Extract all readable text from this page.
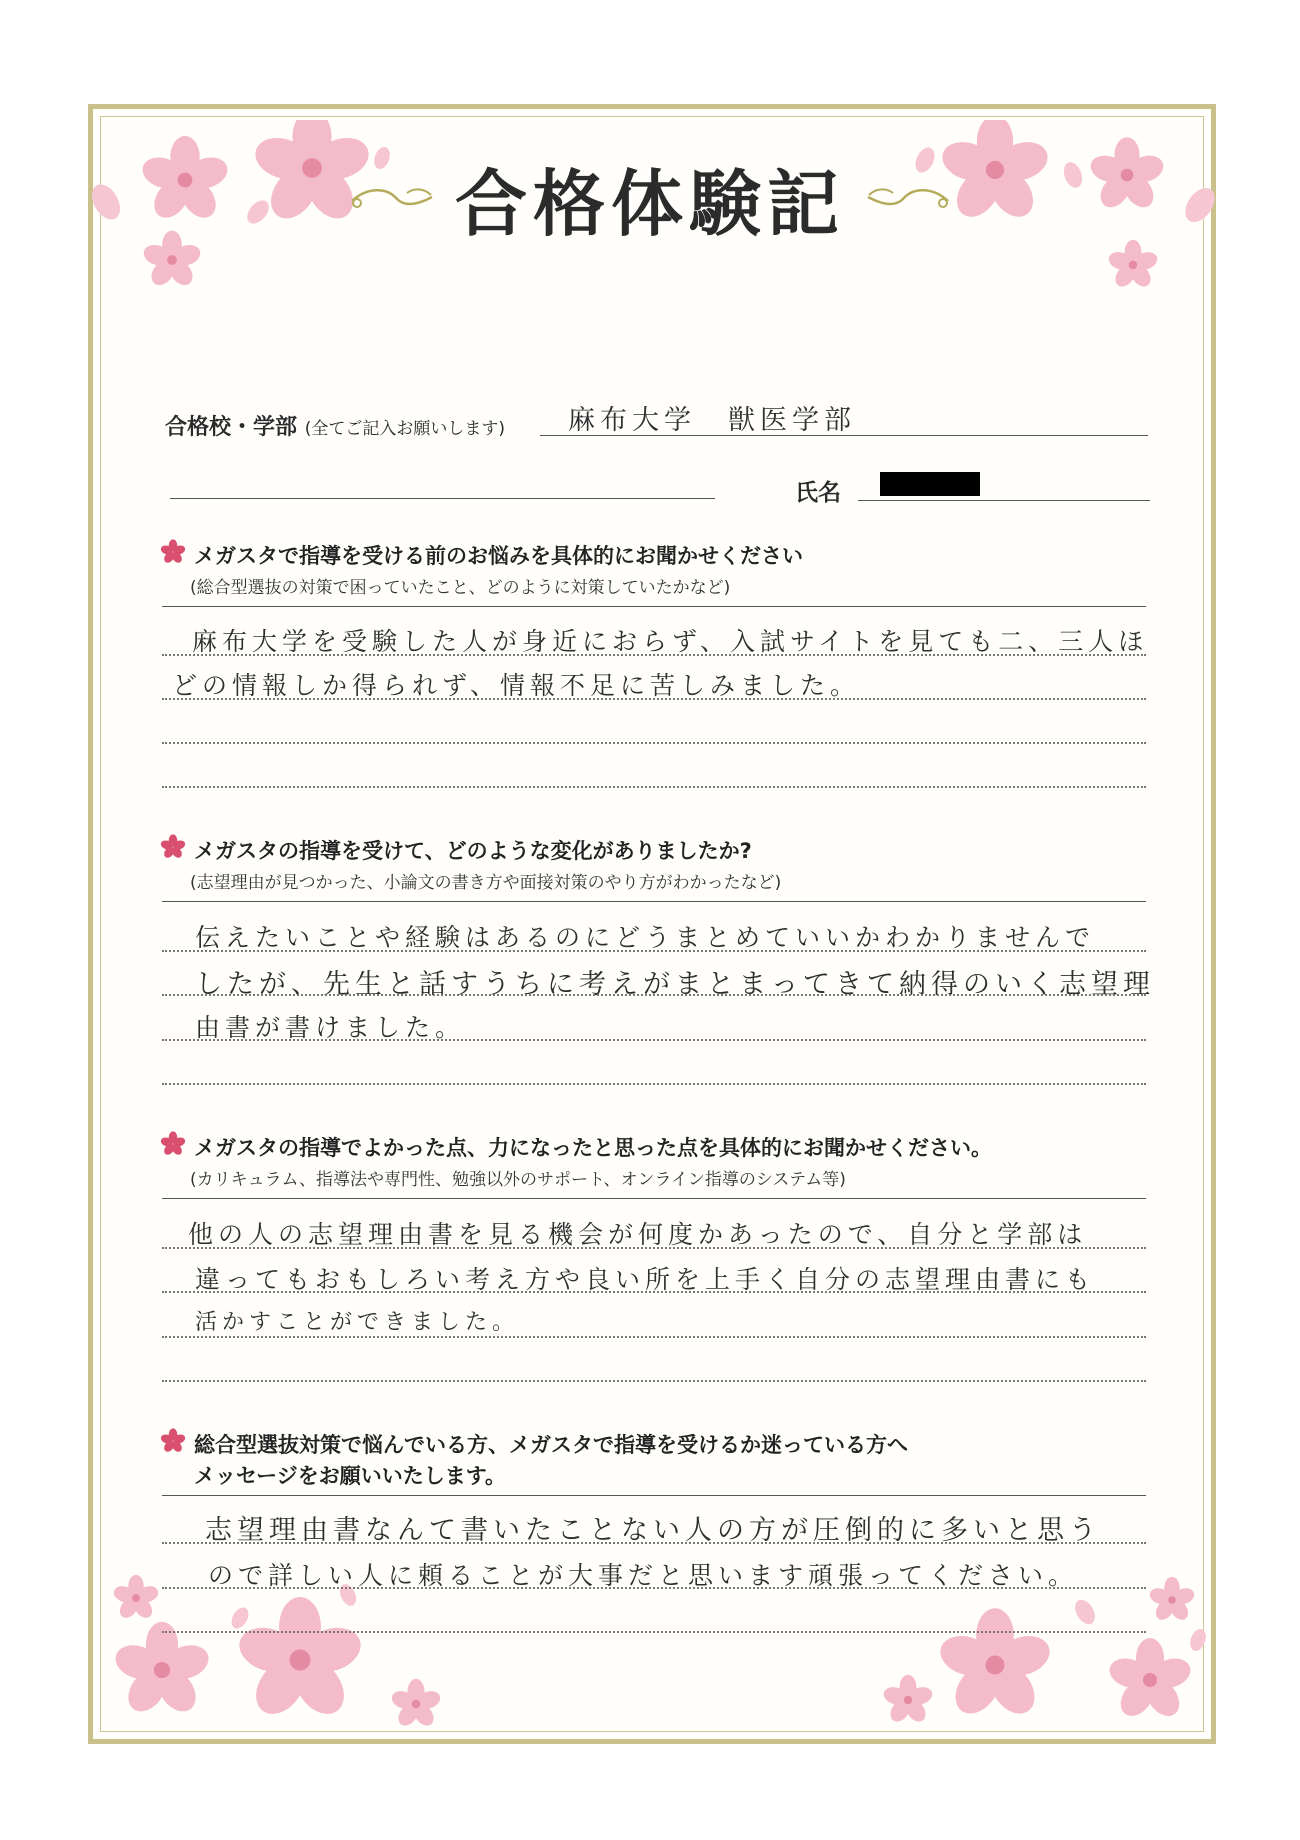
合格体験記
合格校・学部 (全てご記入お願いします) 麻布大学　獣医学部
氏名
メガスタで指導を受ける前のお悩みを具体的にお聞かせください
(総合型選抜の対策で困っていたこと、どのように対策していたかなど)
麻布大学を受験した人が身近におらず、入試サイトを見ても二、三人ほ
どの情報しか得られず、情報不足に苦しみました。
メガスタの指導を受けて、どのような変化がありましたか?
(志望理由が見つかった、小論文の書き方や面接対策のやり方がわかったなど)
伝えたいことや経験はあるのにどうまとめていいかわかりませんで
したが、先生と話すうちに考えがまとまってきて納得のいく志望理
由書が書けました。
メガスタの指導でよかった点、力になったと思った点を具体的にお聞かせください。
(カリキュラム、指導法や専門性、勉強以外のサポート、オンライン指導のシステム等)
他の人の志望理由書を見る機会が何度かあったので、自分と学部は
違ってもおもしろい考え方や良い所を上手く自分の志望理由書にも
活かすことができました。
総合型選抜対策で悩んでいる方、メガスタで指導を受けるか迷っている方へ
メッセージをお願いいたします。
志望理由書なんて書いたことない人の方が圧倒的に多いと思う
ので詳しい人に頼ることが大事だと思います頑張ってください。
